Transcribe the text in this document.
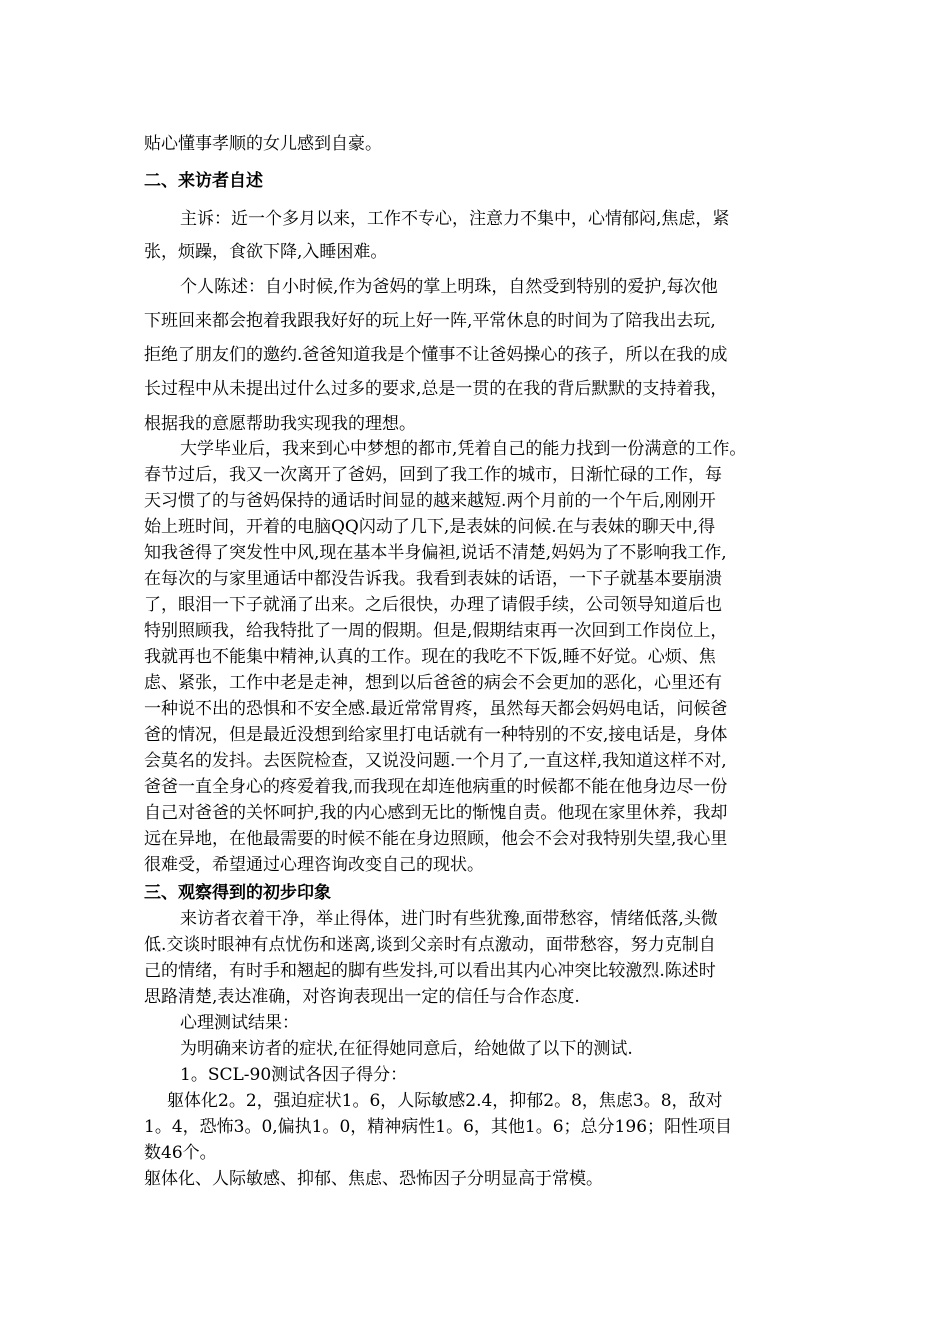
贴心懂事孝顺的女儿感到自豪。
二、来访者自述
主诉：近一个多月以来，工作不专心，注意力不集中，心情郁闷,焦虑，紧
张，烦躁，食欲下降,入睡困难。
个人陈述：自小时候,作为爸妈的掌上明珠，自然受到特别的爱护,每次他
下班回来都会抱着我跟我好好的玩上好一阵,平常休息的时间为了陪我出去玩,
拒绝了朋友们的邀约.爸爸知道我是个懂事不让爸妈操心的孩子，所以在我的成
长过程中从未提出过什么过多的要求,总是一贯的在我的背后默默的支持着我，
根据我的意愿帮助我实现我的理想。
大学毕业后，我来到心中梦想的都市,凭着自己的能力找到一份满意的工作。
春节过后，我又一次离开了爸妈，回到了我工作的城市，日渐忙碌的工作，每
天习惯了的与爸妈保持的通话时间显的越来越短.两个月前的一个午后,刚刚开
始上班时间，开着的电脑QQ闪动了几下,是表妹的问候.在与表妹的聊天中,得
知我爸得了突发性中风,现在基本半身偏袒,说话不清楚,妈妈为了不影响我工作,
在每次的与家里通话中都没告诉我。我看到表妹的话语，一下子就基本要崩溃
了，眼泪一下子就涌了出来。之后很快，办理了请假手续，公司领导知道后也
特别照顾我，给我特批了一周的假期。但是,假期结束再一次回到工作岗位上，
我就再也不能集中精神,认真的工作。现在的我吃不下饭,睡不好觉。心烦、焦
虑、紧张，工作中老是走神，想到以后爸爸的病会不会更加的恶化，心里还有
一种说不出的恐惧和不安全感.最近常常胃疼，虽然每天都会妈妈电话，问候爸
爸的情况，但是最近没想到给家里打电话就有一种特别的不安,接电话是，身体
会莫名的发抖。去医院检查，又说没问题.一个月了,一直这样,我知道这样不对,
爸爸一直全身心的疼爱着我,而我现在却连他病重的时候都不能在他身边尽一份
自己对爸爸的关怀呵护,我的内心感到无比的惭愧自责。他现在家里休养，我却
远在异地，在他最需要的时候不能在身边照顾，他会不会对我特别失望,我心里
很难受，希望通过心理咨询改变自己的现状。
三、观察得到的初步印象
来访者衣着干净，举止得体，进门时有些犹豫,面带愁容，情绪低落,头微
低.交谈时眼神有点忧伤和迷离,谈到父亲时有点激动，面带愁容，努力克制自
己的情绪，有时手和翘起的脚有些发抖,可以看出其内心冲突比较激烈.陈述时
思路清楚,表达准确，对咨询表现出一定的信任与合作态度.
心理测试结果：
为明确来访者的症状,在征得她同意后，给她做了以下的测试.
1。SCL-90测试各因子得分：
躯体化2。2，强迫症状1。6，人际敏感2.4，抑郁2。8，焦虑3。8，敌对
1。4，恐怖3。0,偏执1。0，精神病性1。6，其他1。6；总分196；阳性项目
数46个。
躯体化、人际敏感、抑郁、焦虑、恐怖因子分明显高于常模。
